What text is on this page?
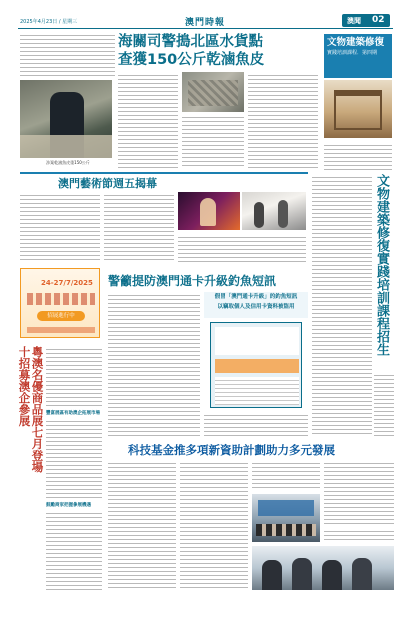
2025年4月23日 / 星期三	澳門時報	澳聞 02
海關司警搗北區水貨點
查獲150公斤乾滷魚皮
涉案乾滷魚皮重150公斤
文物建築修復
實踐培訓課程．第四期
澳門藝術節週五揭幕	文物建築修復實踐培訓課程招生
24-27/7/2025
招展進行中
警籲提防澳門通卡升級釣魚短訊
假冒「澳門通卡升級」的釣魚短訊
以竊取個人及信用卡資料被盜用
粵澳名優商品展七月登場
十招募澳企參展	豐富展區有助澳企拓展市場
鼓勵商家把握參展機遇
科技基金推多項新資助計劃助力多元發展
